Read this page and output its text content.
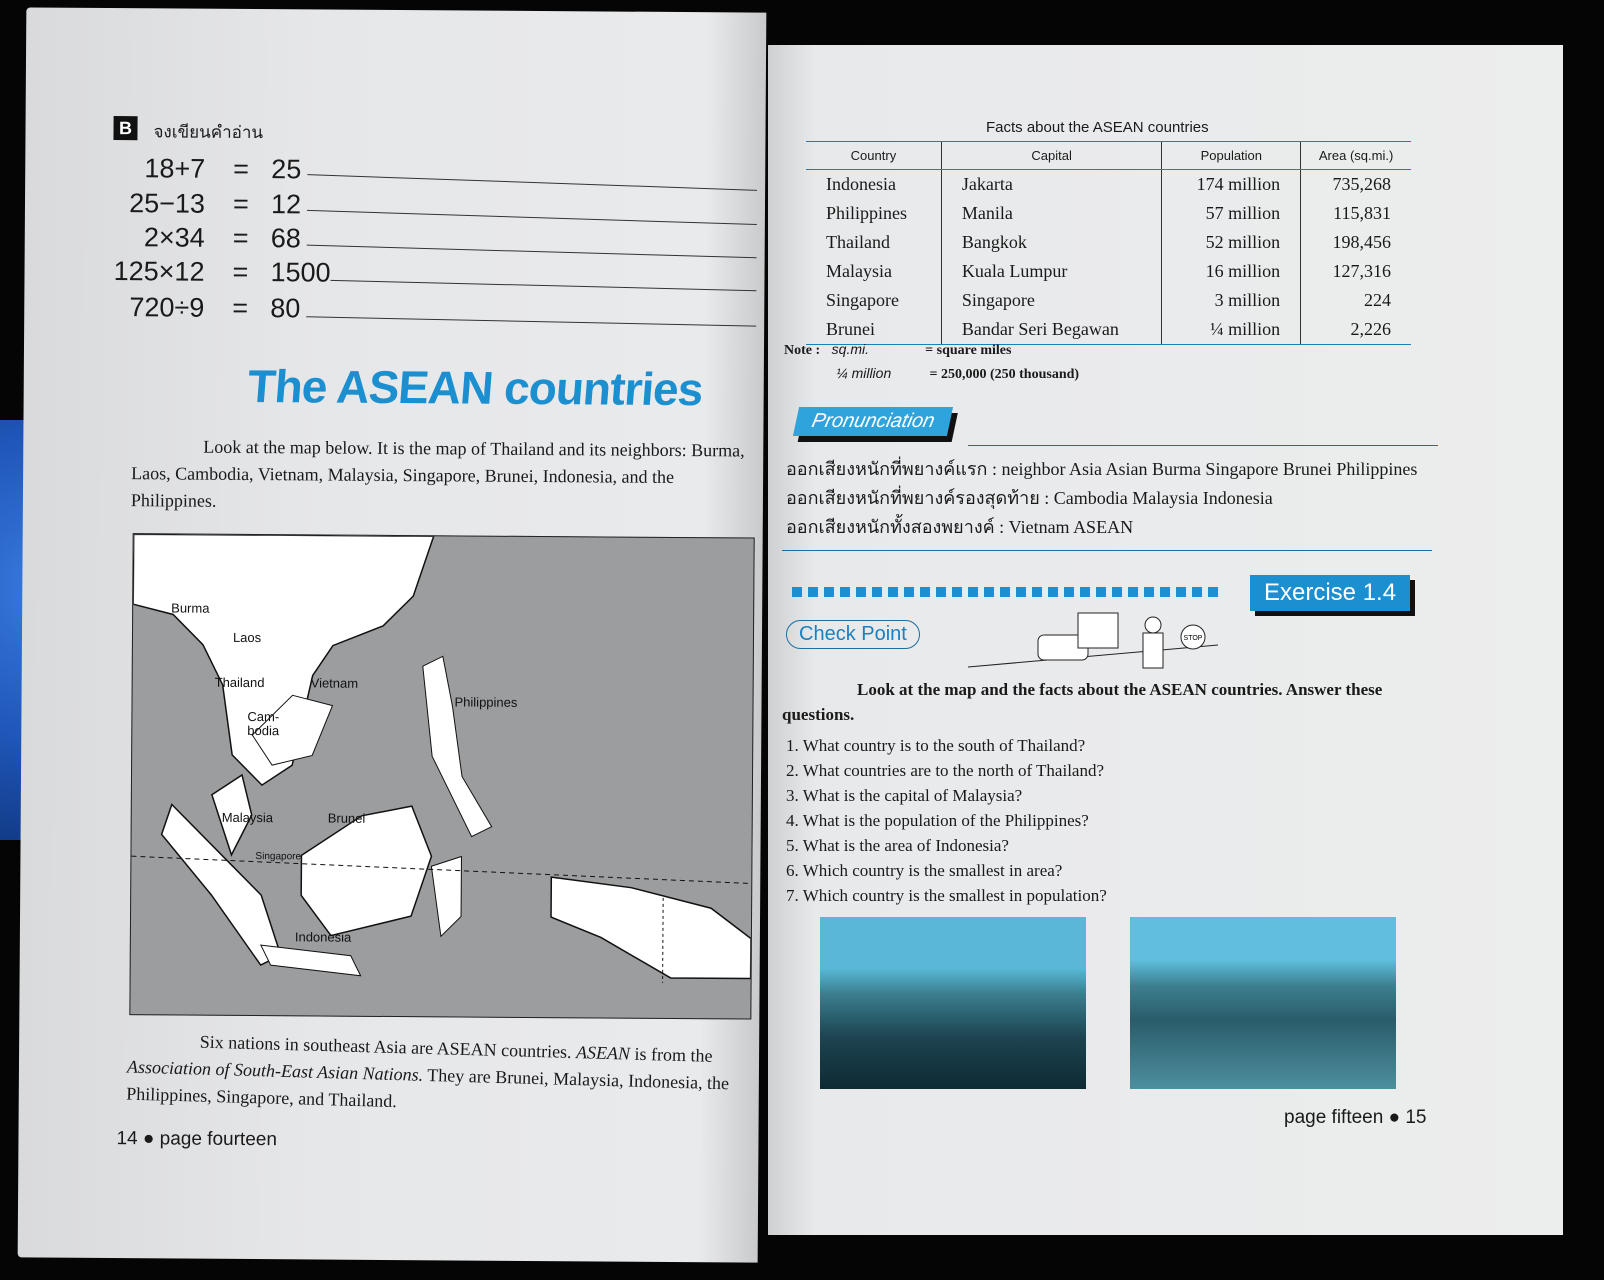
B	จงเขียนคำอ่าน
18+7 = 25
25−13 = 12
2×34 = 68
125×12 = 1500
720÷9 = 80
The ASEAN countries
Look at the map below. It is the map of Thailand and its neighbors: Burma, Laos, Cambodia, Vietnam, Malaysia, Singapore, Brunei, Indonesia, and the Philippines.
Burma
Laos
Thailand	Vietnam
Cam-bodia
Philippines
Malaysia	Brunei
Singapore
Indonesia
Six nations in southeast Asia are ASEAN countries. ASEAN is from the Association of South-East Asian Nations. They are Brunei, Malaysia, Indonesia, the Philippines, Singapore, and Thailand.
14 ● page fourteen
Facts about the ASEAN countries
Country	Capital	Population	Area (sq.mi.)
Indonesia	Jakarta	174 million	735,268
Philippines	Manila	57 million	115,831
Thailand	Bangkok	52 million	198,456
Malaysia	Kuala Lumpur	16 million	127,316
Singapore	Singapore	3 million	224
Brunei	Bandar Seri Begawan	¼ million	2,226
Note : sq.mi.	= square miles
¼ million	= 250,000 (250 thousand)
Pronunciation
ออกเสียงหนักที่พยางค์แรก : neighbor Asia Asian Burma Singapore Brunei Philippines
ออกเสียงหนักที่พยางค์รองสุดท้าย : Cambodia Malaysia Indonesia
ออกเสียงหนักทั้งสองพยางค์ : Vietnam ASEAN
Exercise 1.4
Check Point	STOP
Look at the map and the facts about the ASEAN countries. Answer these questions.
1. What country is to the south of Thailand?
2. What countries are to the north of Thailand?
3. What is the capital of Malaysia?
4. What is the population of the Philippines?
5. What is the area of Indonesia?
6. Which country is the smallest in area?
7. Which country is the smallest in population?
page fifteen ● 15
